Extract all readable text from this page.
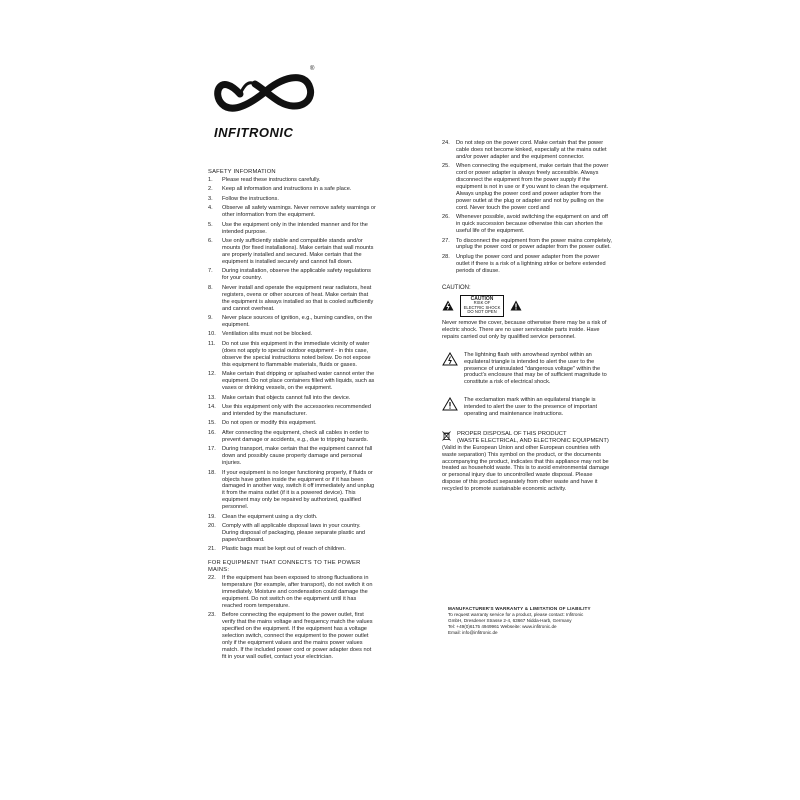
®
INFITRONIC
SAFETY INFORMATION
1.	Please read these instructions carefully.
2.	Keep all information and instructions in a safe place.
3.	Follow the instructions.
4.	Observe all safety warnings. Never remove safety warnings or other information from the equipment.
5.	Use the equipment only in the intended manner and for the intended purpose.
6.	Use only sufficiently stable and compatible stands and/or mounts (for fixed installations). Make certain that wall mounts are properly installed and secured. Make certain that the equipment is installed securely and cannot fall down.
7.	During installation, observe the applicable safety regulations for your country.
8.	Never install and operate the equipment near radiators, heat registers, ovens or other sources of heat. Make certain that the equipment is always installed so that is cooled sufficiently and cannot overheat.
9.	Never place sources of ignition, e.g., burning candles, on the equipment.
10.	Ventilation slits must not be blocked.
11.	Do not use this equipment in the immediate vicinity of water (does not apply to special outdoor equipment - in this case, observe the special instructions noted below. Do not expose this equipment to flammable materials, fluids or gases.
12.	Make certain that dripping or splashed water cannot enter the equipment. Do not place containers filled with liquids, such as vases or drinking vessels, on the equipment.
13.	Make certain that objects cannot fall into the device.
14.	Use this equipment only with the accessories recommended and intended by the manufacturer.
15.	Do not open or modify this equipment.
16.	After connecting the equipment, check all cables in order to prevent damage or accidents, e.g., due to tripping hazards.
17.	During transport, make certain that the equipment cannot fall down and possibly cause property damage and personal injuries.
18.	If your equipment is no longer functioning properly, if fluids or objects have gotten inside the equipment or if it has been damaged in another way, switch it off immediately and unplug it from the mains outlet (if it is a powered device). This equipment may only be repaired by authorized, qualified personnel.
19.	Clean the equipment using a dry cloth.
20.	Comply with all applicable disposal laws in your country. During disposal of packaging, please separate plastic and paper/cardboard.
21.	Plastic bags must be kept out of reach of children.
FOR EQUIPMENT THAT CONNECTS TO THE POWER MAINS:
22.	If the equipment has been exposed to strong fluctuations in temperature (for example, after transport), do not switch it on immediately. Moisture and condensation could damage the equipment. Do not switch on the equipment until it has reached room temperature.
23.	Before connecting the equipment to the power outlet, first verify that the mains voltage and frequency match the values specified on the equipment. If the equipment has a voltage selection switch, connect the equipment to the power outlet only if the equipment values and the mains power values match. If the included power cord or power adapter does not fit in your wall outlet, contact your electrician.
24.	Do not step on the power cord. Make certain that the power cable does not become kinked, especially at the mains outlet and/or power adapter and the equipment connector.
25.	When connecting the equipment, make certain that the power cord or power adapter is always freely accessible. Always disconnect the equipment from the power supply if the equipment is not in use or if you want to clean the equipment. Always unplug the power cord and power adapter from the power outlet at the plug or adapter and not by pulling on the cord. Never touch the power cord and
26.	Whenever possible, avoid switching the equipment on and off in quick succession because otherwise this can shorten the useful life of the equipment.
27.	To disconnect the equipment from the power mains completely, unplug the power cord or power adapter from the power outlet.
28.	Unplug the power cord and power adapter from the power outlet if there is a risk of a lightning strike or before extended periods of disuse.
CAUTION:
CAUTION
RISK OF ELECTRIC SHOCK DO NOT OPEN
Never remove the cover, because otherwise there may be a risk of electric shock. There are no user serviceable parts inside. Have repairs carried out only by qualified service personnel.
The lightning flash with arrowhead symbol within an equilateral triangle is intended to alert the user to the presence of uninsulated "dangerous voltage" within the product's enclosure that may be of sufficient magnitude to constitute a risk of electrical shock.
The exclamation mark within an equilateral triangle is intended to alert the user to the presence of important operating and maintenance instructions.
PROPER DISPOSAL OF THIS PRODUCT
(WASTE ELECTRICAL, AND ELECTRONIC EQUIPMENT)
(Valid in the European Union and other European countries with waste separation) This symbol on the product, or the documents accompanying the product, indicates that this appliance may not be treated as household waste. This is to avoid environmental damage or personal injury due to uncontrolled waste disposal. Please dispose of this product separately from other waste and have it recycled to promote sustainable economic activity.
MANUFACTURER'S WARRANTY & LIMITATION OF LIABILITY
To request warranty service for a product, please contact: Infitronic
GmbH, Dresdener Strasse 2-4, 63667 Nidda-Harb, Germany
Tel: +49(0)6175 4949961 Webseite: www.infitronic.de
Email: info@infitronic.de
